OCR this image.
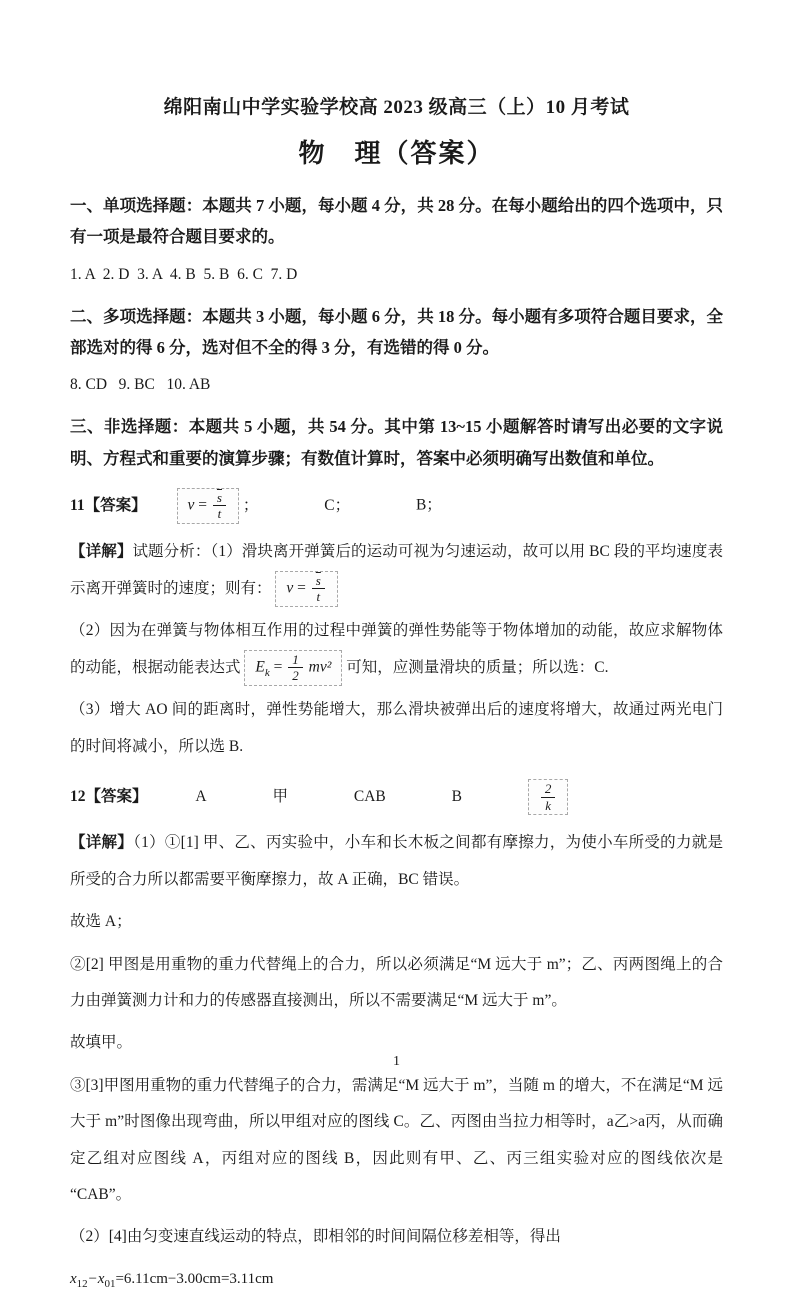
绵阳南山中学实验学校高 2023 级高三（上）10 月考试
物　理（答案）

一、单项选择题：本题共 7 小题，每小题 4 分，共 28 分。在每小题给出的四个选项中，只有一项是最符合题目要求的。

1. A  2. D  3. A  4. B  5. B  6. C  7. D

二、多项选择题：本题共 3 小题，每小题 6 分，共 18 分。每小题有多项符合题目要求，全部选对的得 6 分，选对但不全的得 3 分，有选错的得 0 分。

8. CD   9. BC   10. AB

三、非选择题：本题共 5 小题，共 54 分。其中第 13~15 小题解答时请写出必要的文字说明、方程式和重要的演算步骤；有数值计算时，答案中必须明确写出数值和单位。

11【答案】	$v = \frac{\overline{s}}{t}$ ；	C；	B；

【详解】试题分析：（1）滑块离开弹簧后的运动可视为匀速运动，故可以用 BC 段的平均速度表示离开弹簧时的速度；则有： $v = \frac{\overline{s}}{t}$

（2）因为在弹簧与物体相互作用的过程中弹簧的弹性势能等于物体增加的动能，故应求解物体的动能，根据动能表达式 $E_k = \frac{1}{2} mv^2$ 可知，应测量滑块的质量；所以选：C.

（3）增大 AO 间的距离时，弹性势能增大，那么滑块被弹出后的速度将增大，故通过两光电门的时间将减小，所以选 B.

12【答案】	A	甲	CAB	B	$\frac{2}{k}$

【详解】（1）①[1] 甲、乙、丙实验中，小车和长木板之间都有摩擦力，为使小车所受的力就是所受的合力所以都需要平衡摩擦力，故 A 正确，BC 错误。

故选 A；

②[2] 甲图是用重物的重力代替绳上的合力，所以必须满足“M 远大于 m”；乙、丙两图绳上的合力由弹簧测力计和力的传感器直接测出，所以不需要满足“M 远大于 m”。

故填甲。

③[3]甲图用重物的重力代替绳子的合力，需满足“M 远大于 m”，当随 m 的增大，不在满足“M 远大于 m”时图像出现弯曲，所以甲组对应的图线 C。乙、丙图由当拉力相等时，a乙>a丙，从而确定乙组对应图线 A，丙组对应的图线 B，因此则有甲、乙、丙三组实验对应的图线依次是 “CAB”。

（2）[4]由匀变速直线运动的特点，即相邻的时间间隔位移差相等，得出

$x_{12}-x_{01}=6.11cm-3.00cm=3.11cm$

1
